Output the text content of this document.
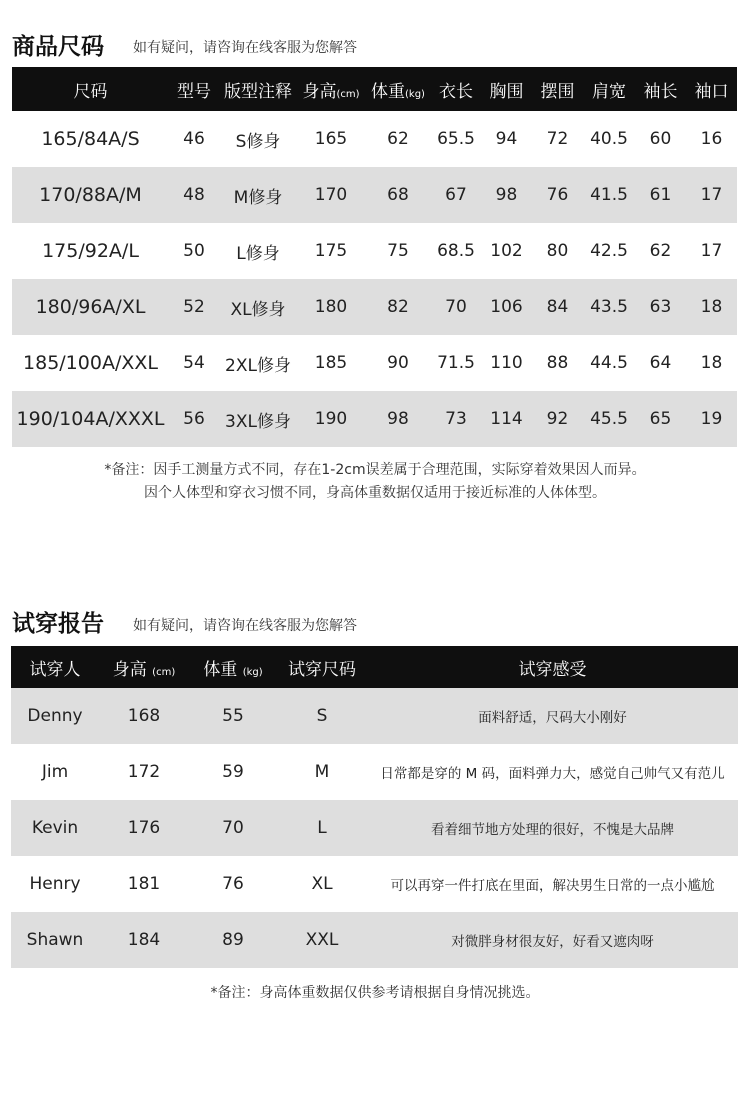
商品尺码 如有疑问，请咨询在线客服为您解答
尺码	型号	版型注释	身高(cm)	体重(kg)	衣长	胸围	摆围	肩宽	袖长	袖口
165/84A/S	46	S修身	165	62	65.5	94	72	40.5	60	16
170/88A/M	48	M修身	170	68	67	98	76	41.5	61	17
175/92A/L	50	L修身	175	75	68.5	102	80	42.5	62	17
180/96A/XL	52	XL修身	180	82	70	106	84	43.5	63	18
185/100A/XXL	54	2XL修身	185	90	71.5	110	88	44.5	64	18
190/104A/XXXL	56	3XL修身	190	98	73	114	92	45.5	65	19
*备注：因手工测量方式不同，存在1-2cm误差属于合理范围，实际穿着效果因人而异。
因个人体型和穿衣习惯不同，身高体重数据仅适用于接近标准的人体体型。
试穿报告 如有疑问，请咨询在线客服为您解答
试穿人	身高 (cm)	体重 (kg)	试穿尺码	试穿感受
Denny	168	55	S	面料舒适，尺码大小刚好
Jim	172	59	M	日常都是穿的 M 码，面料弹力大，感觉自己帅气又有范儿
Kevin	176	70	L	看着细节地方处理的很好，不愧是大品牌
Henry	181	76	XL	可以再穿一件打底在里面，解决男生日常的一点小尴尬
Shawn	184	89	XXL	对微胖身材很友好，好看又遮肉呀
*备注：身高体重数据仅供参考请根据自身情况挑选。
